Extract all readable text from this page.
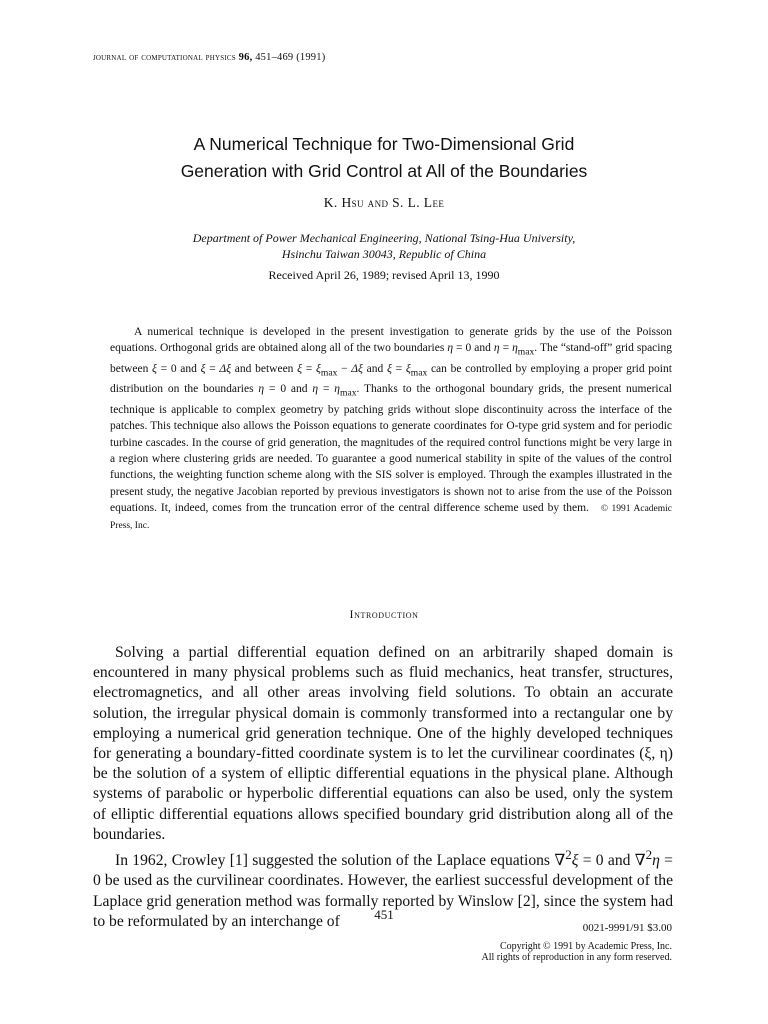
journal of computational physics 96, 451–469 (1991)
A Numerical Technique for Two-Dimensional Grid
Generation with Grid Control at All of the Boundaries
K. Hsu and S. L. Lee
Department of Power Mechanical Engineering, National Tsing-Hua University,
Hsinchu Taiwan 30043, Republic of China
Received April 26, 1989; revised April 13, 1990
A numerical technique is developed in the present investigation to generate grids by the use of the Poisson equations. Orthogonal grids are obtained along all of the two boundaries η = 0 and $\eta = \eta_{max}$. The “stand-off” grid spacing between ξ = 0 and ξ = Δξ and between $\xi = \xi_{max} - \Delta\xi$ and $\xi = \xi_{max}$ can be controlled by employing a proper grid point distribution on the boundaries η = 0 and $\eta = \eta_{max}$. Thanks to the orthogonal boundary grids, the present numerical technique is applicable to complex geometry by patching grids without slope discontinuity across the interface of the patches. This technique also allows the Poisson equations to generate coordinates for O-type grid system and for periodic turbine cascades. In the course of grid generation, the magnitudes of the required control functions might be very large in a region where clustering grids are needed. To guarantee a good numerical stability in spite of the values of the control functions, the weighting function scheme along with the SIS solver is employed. Through the examples illustrated in the present study, the negative Jacobian reported by previous investigators is shown not to arise from the use of the Poisson equations. It, indeed, comes from the truncation error of the central difference scheme used by them. © 1991 Academic Press, Inc.
Introduction

Solving a partial differential equation defined on an arbitrarily shaped domain is encountered in many physical problems such as fluid mechanics, heat transfer, structures, electromagnetics, and all other areas involving field solutions. To obtain an accurate solution, the irregular physical domain is commonly transformed into a rectangular one by employing a numerical grid generation technique. One of the highly developed techniques for generating a boundary-fitted coordinate system is to let the curvilinear coordinates (ξ, η) be the solution of a system of elliptic differential equations in the physical plane. Although systems of parabolic or hyperbolic differential equations can also be used, only the system of elliptic differential equations allows specified boundary grid distribution along all of the boundaries.

In 1962, Crowley [1] suggested the solution of the Laplace equations ∇$^2$ξ = 0 and ∇$^2$η = 0 be used as the curvilinear coordinates. However, the earliest successful development of the Laplace grid generation method was formally reported by Winslow [2], since the system had to be reformulated by an interchange of	451
0021-9991/91 $3.00
Copyright © 1991 by Academic Press, Inc.
All rights of reproduction in any form reserved.
